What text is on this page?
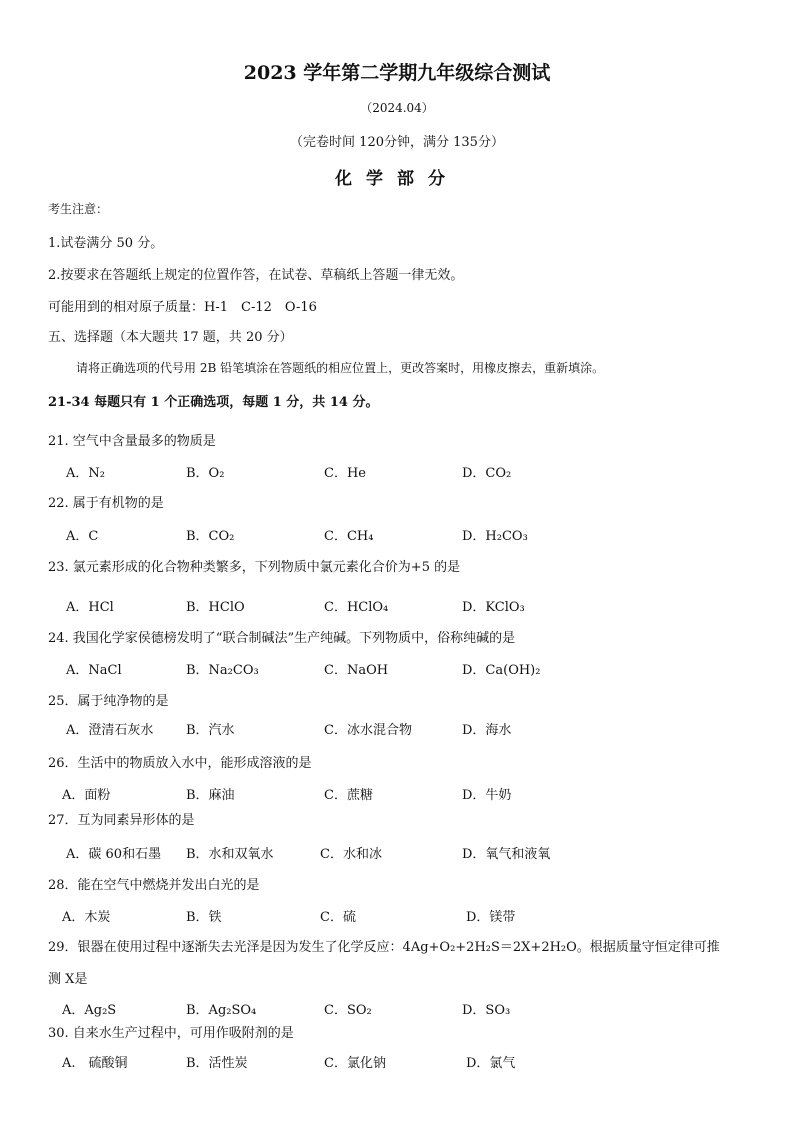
2023 学年第二学期九年级综合测试
（2024.04）
（完卷时间 120分钟，满分 135分）
化学部分
考生注意：
1.试卷满分 50 分。
2.按要求在答题纸上规定的位置作答，在试卷、草稿纸上答题一律无效。
可能用到的相对原子质量：H-1　C-12　O-16
五、选择题（本大题共 17 题，共 20 分）
请将正确选项的代号用 2B 铅笔填涂在答题纸的相应位置上，更改答案时，用橡皮擦去，重新填涂。
21-34 每题只有 1 个正确选项，每题 1 分，共 14 分。
21. 空气中含量最多的物质是
A．N₂	B．O₂	C．He	D．CO₂
22. 属于有机物的是
A．C	B．CO₂	C．CH₄	D．H₂CO₃
23. 氯元素形成的化合物种类繁多，下列物质中氯元素化合价为+5 的是
A．HCl	B．HClO	C．HClO₄	D．KClO₃
24. 我国化学家侯德榜发明了“联合制碱法”生产纯碱。下列物质中，俗称纯碱的是
A．NaCl	B．Na₂CO₃	C．NaOH	D．Ca(OH)₂
25．属于纯净物的是
A．澄清石灰水	B．汽水	C．冰水混合物	D．海水
26．生活中的物质放入水中，能形成溶液的是
A．面粉	B．麻油	C．蔗糖	D．牛奶
27．互为同素异形体的是
A．碳 60和石墨 B．水和双氧水	C．水和冰	D．氧气和液氧
28．能在空气中燃烧并发出白光的是
A．木炭	B．铁	C．硫	D．镁带
29．银器在使用过程中逐渐失去光泽是因为发生了化学反应：4Ag+O₂+2H₂S＝2X+2H₂O。根据质量守恒定律可推
测 X是
A．Ag₂S	B．Ag₂SO₄	C．SO₂	D．SO₃
30. 自来水生产过程中，可用作吸附剂的是
A.　硫酸铜	B．活性炭	C．氯化钠	D．氯气
